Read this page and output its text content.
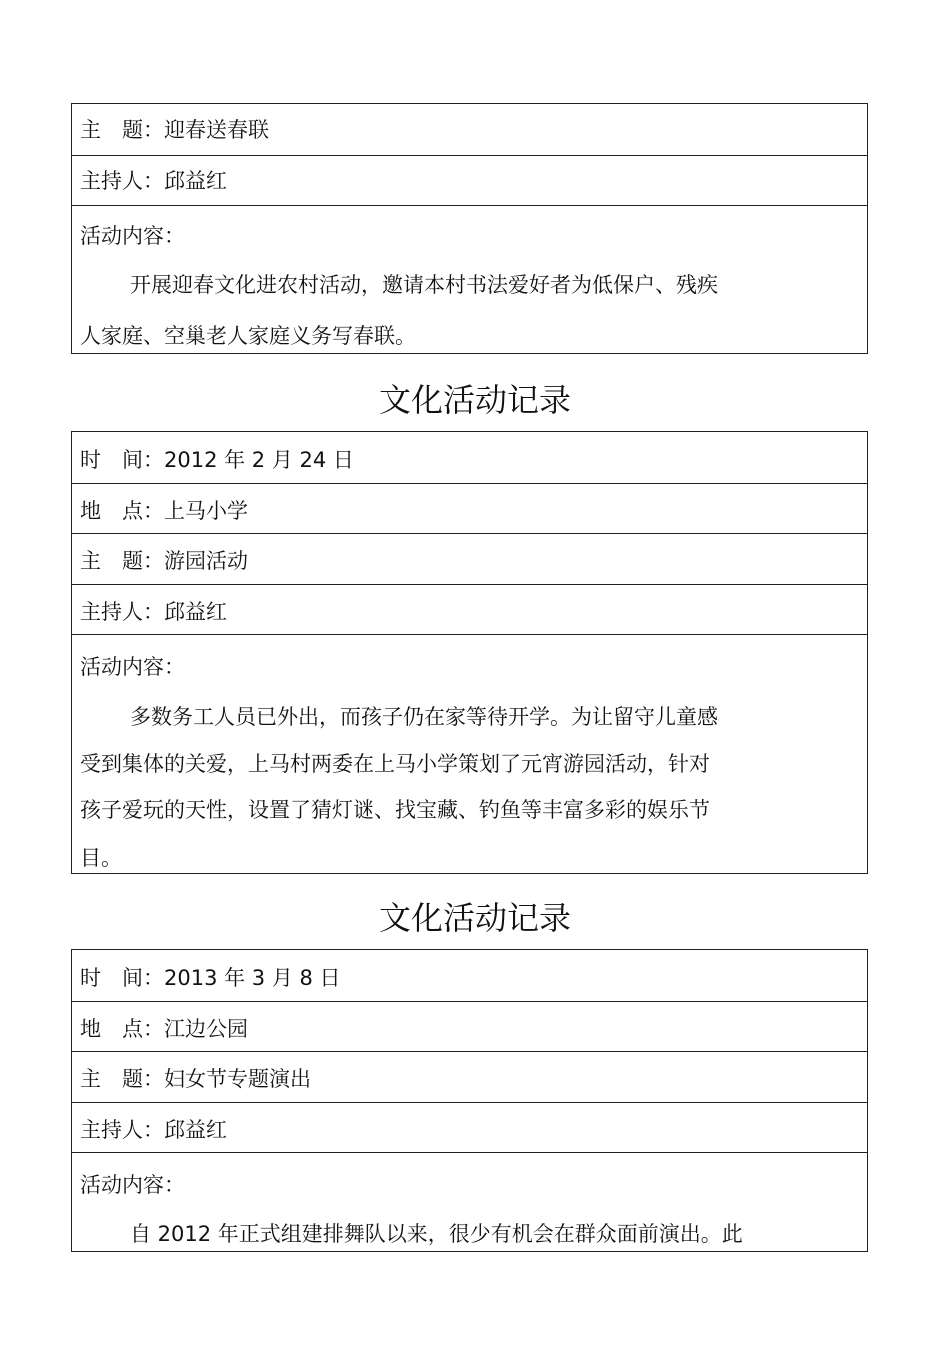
主　题：迎春送春联
主持人：邱益红
活动内容：
开展迎春文化进农村活动，邀请本村书法爱好者为低保户、残疾
人家庭、空巢老人家庭义务写春联。
文化活动记录
时　间：2012 年 2 月 24 日
地　点：上马小学
主　题：游园活动
主持人：邱益红
活动内容：
多数务工人员已外出，而孩子仍在家等待开学。为让留守儿童感
受到集体的关爱，上马村两委在上马小学策划了元宵游园活动，针对
孩子爱玩的天性，设置了猜灯谜、找宝藏、钓鱼等丰富多彩的娱乐节
目。
文化活动记录
时　间：2013 年 3 月 8 日
地　点：江边公园
主　题：妇女节专题演出
主持人：邱益红
活动内容：
自 2012 年正式组建排舞队以来，很少有机会在群众面前演出。此
